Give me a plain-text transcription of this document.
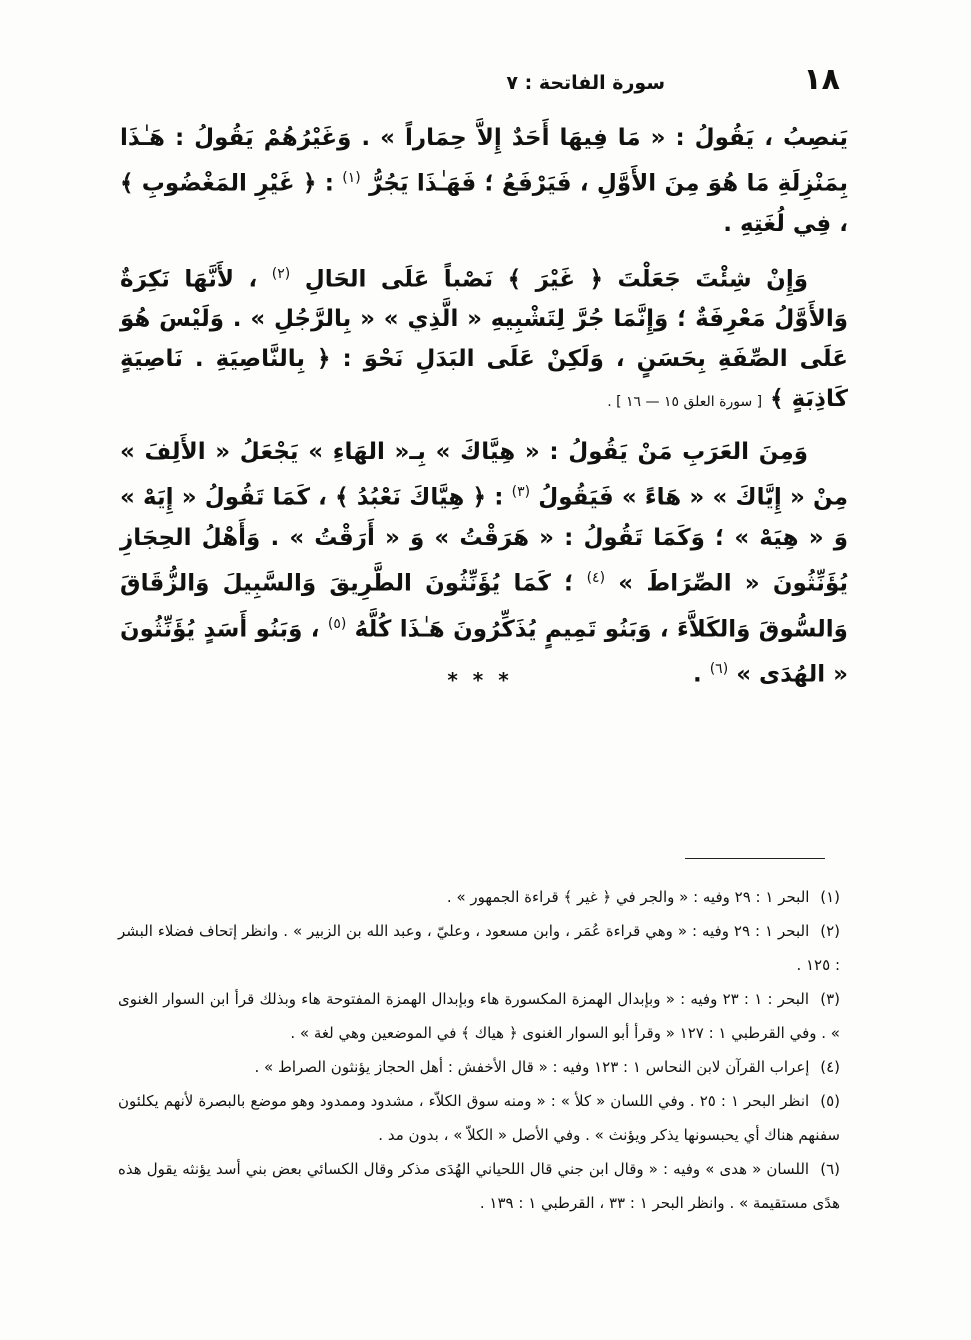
١٨
سورة الفاتحة : ٧

يَنصِبُ ، يَقُولُ : « مَا فِيهَا أَحَدٌ إِلاَّ حِمَاراً » . وَغَيْرُهُمْ يَقُولُ : هَـٰذَا بِمَنْزِلَةِ مَا هُوَ مِنَ الأَوَّلِ ، فَيَرْفَعُ ؛ فَهَـٰذَا يَجُرُّ $^{(١)}$ : ﴿ غَيْرِ المَغْضُوبِ ﴾ ، فِي لُغَتِهِ .

وَإِنْ شِئْتَ جَعَلْتَ ﴿ غَيْرَ ﴾ نَصْباً عَلَى الحَالِ $^{(٢)}$ ، لأَنَّهَا نَكِرَةٌ وَالأَوَّلُ مَعْرِفَةٌ ؛ وَإِنَّمَا جُرَّ لِتَشْبِيهِ « الَّذِي » « بِالرَّجُلِ » . وَلَيْسَ هُوَ عَلَى الصِّفَةِ بِحَسَنٍ ، وَلَكِنْ عَلَى البَدَلِ نَحْوَ : ﴿ بِالنَّاصِيَةِ . نَاصِيَةٍ كَاذِبَةٍ ﴾ [ سورة العلق ١٥ — ١٦ ] .

وَمِنَ العَرَبِ مَنْ يَقُولُ : « هِيَّاكَ » بِـ« الهَاءِ » يَجْعَلُ « الأَلِفَ » مِنْ « إِيَّاكَ » « هَاءً » فَيَقُولُ $^{(٣)}$ : ﴿ هِيَّاكَ نَعْبُدُ ﴾ ، كَمَا تَقُولُ « إِيَهْ » وَ « هِيَهْ » ؛ وَكَمَا تَقُولُ : « هَرَقْتُ » وَ « أَرَقْتُ » . وَأَهْلُ الحِجَازِ يُؤَنِّثُونَ « الصِّرَاطَ » $^{(٤)}$ ؛ كَمَا يُؤَنِّثُونَ الطَّرِيقَ وَالسَّبِيلَ وَالزُّقَاقَ وَالسُّوقَ وَالكَلاَّءَ ، وَبَنُو تَمِيمٍ يُذَكِّرُونَ هَـٰذَا كُلَّهُ $^{(٥)}$ ، وَبَنُو أَسَدٍ يُؤَنِّثُونَ « الهُدَى » $^{(٦)}$ .

* * *

(١) البحر ١ : ٢٩ وفيه : « والجر في ﴿ غير ﴾ قراءة الجمهور » .

(٢) البحر ١ : ٢٩ وفيه : « وهي قراءة عُمَر ، وابن مسعود ، وعليّ ، وعبد الله بن الزبير » . وانظر إتحاف فضلاء البشر : ١٢٥ .

(٣) البحر : ١ : ٢٣ وفيه : « وبإبدال الهمزة المكسورة هاء وبإبدال الهمزة المفتوحة هاء وبذلك قرأ ابن السوار الغنوى » . وفي القرطبي ١ : ١٢٧ « وقرأ أبو السوار الغنوى ﴿ هياك ﴾ في الموضعين وهي لغة » .

(٤) إعراب القرآن لابن النحاس ١ : ١٢٣ وفيه : « قال الأخفش : أهل الحجاز يؤنثون الصراط » .

(٥) انظر البحر ١ : ٢٥ . وفي اللسان « كلأ » : « ومنه سوق الكلاّء ، مشدود وممدود وهو موضع بالبصرة لأنهم يكلئون سفنهم هناك أي يحبسونها يذكر ويؤنث » . وفي الأصل « الكلاّ » ، بدون مد .

(٦) اللسان « هدى » وفيه : « وقال ابن جني قال اللحياني الهُدَى مذكر وقال الكسائي بعض بني أسد يؤنثه يقول هذه هدًى مستقيمة » . وانظر البحر ١ : ٣٣ ، القرطبي ١ : ١٣٩ .
